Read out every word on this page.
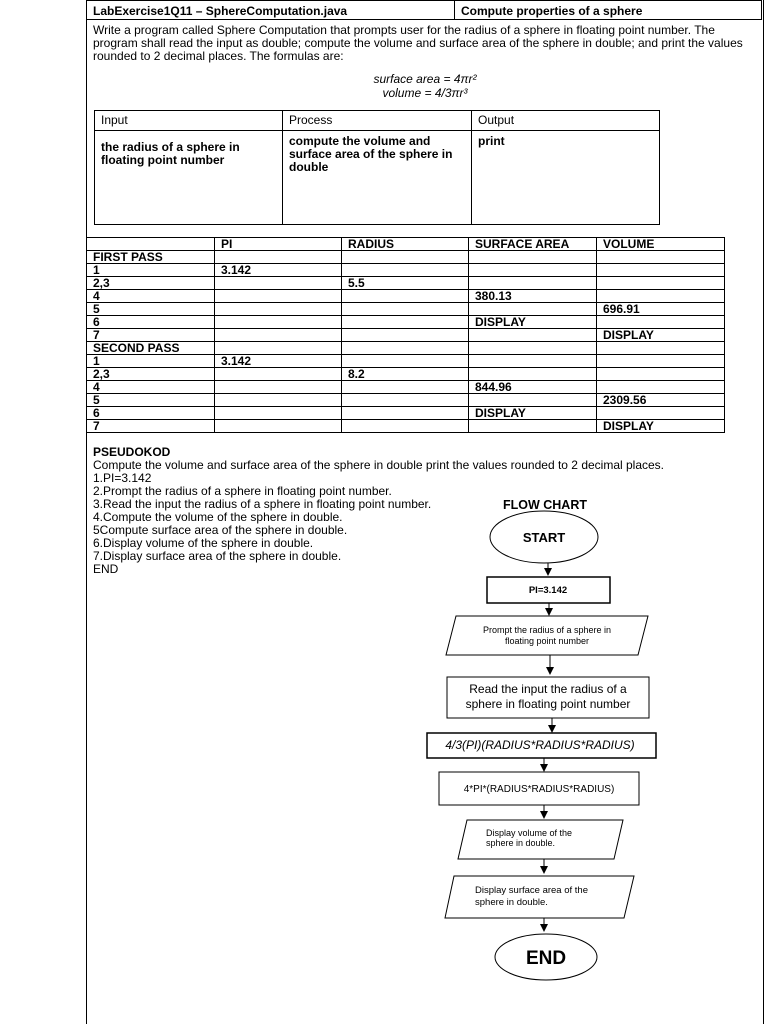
LabExercise1Q11 – SphereComputation.java	Compute properties of a sphere
Write a program called Sphere Computation that prompts user for the radius of a sphere in floating point number. The program shall read the input as double; compute the volume and surface area of the sphere in double; and print the values rounded to 2 decimal places. The formulas are:
surface area = 4πr²
volume = 4/3πr³
Input	Process	Output
the radius of a sphere in floating point number	compute the volume and surface area of the sphere in double	print
	PI	RADIUS	SURFACE AREA	VOLUME
FIRST PASS				
1	3.142			
2,3		5.5		
4			380.13	
5				696.91
6			DISPLAY	
7				DISPLAY
SECOND PASS				
1	3.142			
2,3		8.2		
4			844.96	
5				2309.56
6			DISPLAY	
7				DISPLAY
PSEUDOKOD
Compute the volume and surface area of the sphere in double print the values rounded to 2 decimal places.
1.PI=3.142
2.Prompt the radius of a sphere in floating point number.
3.Read the input the radius of a sphere in floating point number.
4.Compute the volume of the sphere in double.
5Compute surface area of the sphere in double.
6.Display volume of the sphere in double.
7.Display surface area of the sphere in double.
END
FLOW CHART
START
PI=3.142
Prompt the radius of a sphere in
floating point number
Read the input the radius of a
sphere in floating point number
4/3(PI)(RADIUS*RADIUS*RADIUS)
4*PI*(RADIUS*RADIUS*RADIUS)
Display volume of the
sphere in double.
Display surface area of the
sphere in double.
END
